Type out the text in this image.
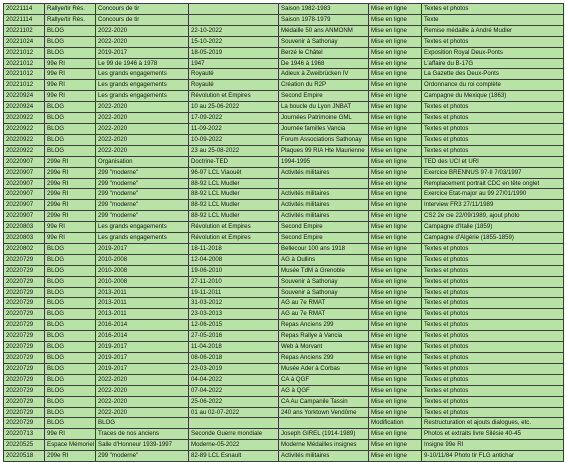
20221114	Rallye/tir Rés.	Concours de tir		Saison 1982-1983	Mise en ligne	Textes et photos
20221114	Rallye/tir Rés.	Concours de tir		Saison 1978-1979	Mise en ligne	Texte
20221102	BLOG	2022-2020	22-10-2022	Médaille 50 ans ANMONM	Mise en ligne	Remise médaille à André Mudler
20221024	BLOG	2022-2020	15-10-2022	Souvenir à Sathonay	Mise en ligne	Textes et photos
20221012	BLOG	2019-2017	18-05-2019	Berzé le Châtel	Mise en ligne	Exposition Royal Deux-Ponts
20221012	99e RI	Le 99 de 1946 à 1978	1947	De 1946 à 1968	Mise en ligne	L'affaire du B-17G
20221012	99e RI	Les grands engagements	Royauté	Adieux à Zweibrücken IV	Mise en ligne	La Gazette des Deux-Ponts
20221012	99e RI	Les grands engagements	Royauté	Création du R2P	Mise en ligne	Ordonnance du roi complète
20220924	99e RI	Les grands engagements	Révolution et Empires	Second Empire	Mise en ligne	Campagne du Mexique (1863)
20220924	BLOG	2022-2020	10 au 25-06-2022	La boucle du Lyon JNBAT	Mise en ligne	Textes et photos
20220922	BLOG	2022-2020	17-09-2022	Journées Patrimoine GML	Mise en ligne	Textes et photos
20220922	BLOG	2022-2020	11-09-2022	Journée familles Vancia	Mise en ligne	Textes et photos
20220922	BLOG	2022-2020	10-09-2022	Forum Associations Sathonay	Mise en ligne	Textes et photos
20220922	BLOG	2022-2020	23 au 25-08-2022	Plaques 99 RIA Hte Maurienne	Mise en ligne	Textes et photos
20220907	299e RI	Organisation	Doctrine-TED	1994-1995	Mise en ligne	TED des UCI et URI
20220907	299e RI	299 "moderne"	96-97 LCL Viaouët	Activités militaires	Mise en ligne	Exercice BRENNUS 97-II 7/03/1997
20220907	299e RI	299 "moderne"	88-92 LCL Mudler		Mise en ligne	Remplacement portrait CDC en tête onglet
20220907	299e RI	299 "moderne"	88-92 LCL Mudler	Activités militaires	Mise en ligne	Exercice Etat-major au 99 27/01/1990
20220907	299e RI	299 "moderne"	88-92 LCL Mudler	Activités militaires	Mise en ligne	Interview FR3 27/11/1989
20220907	299e RI	299 "moderne"	88-92 LCL Mudler	Activités militaires	Mise en ligne	CS2 2e cie 22/09/1989, ajout photo
20220803	99e RI	Les grands engagements	Révolution et Empires	Second Empire	Mise en ligne	Campagne d'Italie (1859)
20220803	99e RI	Les grands engagements	Révolution et Empires	Second Empire	Mise en ligne	Campagne d'Algérie (1855-1859)
20220802	BLOG	2019-2017	18-11-2018	Bellecour 100 ans 1918	Mise en ligne	Textes et photos
20220729	BLOG	2010-2008	12-04-2008	AG à Oullins	Mise en ligne	Textes et photos
20220729	BLOG	2010-2008	19-06-2010	Musée TdM à Grenoble	Mise en ligne	Textes et photos
20220729	BLOG	2010-2008	27-11-2010	Souvenir à Sathonay	Mise en ligne	Textes et photos
20220729	BLOG	2013-2011	19-11-2011	Souvenir à Sathonay	Mise en ligne	Textes et photos
20220729	BLOG	2013-2011	31-03-2012	AG au 7e RMAT	Mise en ligne	Textes et photos
20220729	BLOG	2013-2011	23-03-2013	AG au 7e RMAT	Mise en ligne	Textes et photos
20220729	BLOG	2016-2014	12-06-2015	Repas Anciens 299	Mise en ligne	Textes et photos
20220729	BLOG	2016-2014	27-05-2016	Repas Rallye à Vancia	Mise en ligne	Textes et photos
20220729	BLOG	2019-2017	11-04-2018	Web à Morvant	Mise en ligne	Textes et photos
20220729	BLOG	2019-2017	08-06-2018	Repas Anciens 299	Mise en ligne	Textes et photos
20220729	BLOG	2019-2017	23-03-2019	Musée Ader à Corbas	Mise en ligne	Textes et photos
20220729	BLOG	2022-2020	04-04-2022	CA à QGF	Mise en ligne	Textes et photos
20220729	BLOG	2022-2020	07-04-2022	AG à QGF	Mise en ligne	Textes et photos
20220729	BLOG	2022-2020	25-06-2022	CA Au Campanile Tassin	Mise en ligne	Textes et photos
20220729	BLOG	2022-2020	01 au 02-07-2022	240 ans Yorktown Vendôme	Mise en ligne	Textes et photos
20220729	BLOG	BLOG			Modification	Restructuration et ajouts dialogues, etc.
20220713	99e RI	Traces de nos anciens	Seconde Guerre mondiale	Joseph GIREL (1914-1989)	Mise en ligne	Photos et extraits livre Silésie 40-45
20220525	Espace Mémoriel	Salle d'Honneur 1939-1997	Moderne-05-2022	Moderne Médailles insignes	Mise en ligne	Insigne 99e RI
20220518	299e RI	299 "moderne"	82-89 LCL Esnault	Activités militaires	Mise en ligne	9-10/11/84 Photo tir FLG antichar
